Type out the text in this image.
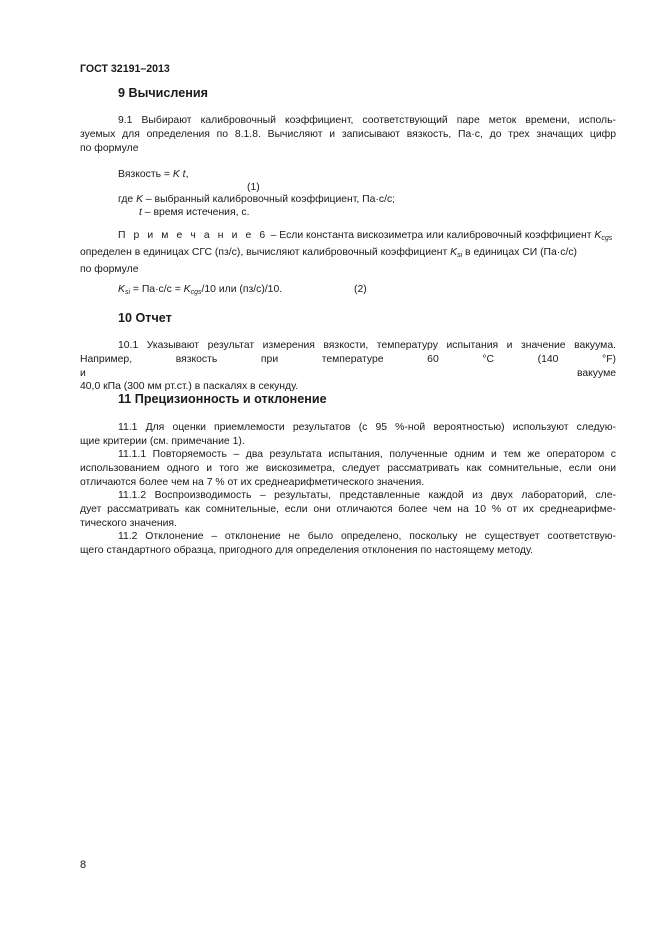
ГОСТ 32191–2013
9 Вычисления
9.1 Выбирают калибровочный коэффициент, соответствующий паре меток времени, исполь-
зуемых для определения по 8.1.8. Вычисляют и записывают вязкость, Па·с, до трех значащих цифр
по формуле
Вязкость = K t,
(1)
где K – выбранный калибровочный коэффициент, Па·с/с;
t – время истечения, с.
П р и м е ч а н и е 6 – Если константа вискозиметра или калибровочный коэффициент $K_{cgs}$
определен в единицах СГС (пз/с), вычисляют калибровочный коэффициент $K_{si}$ в единицах СИ (Па·с/с)
по формуле
$K_{si} = Па\cdot с/с = K_{cgs}/10$ или (пз/с)/10.	(2)
10 Отчет
10.1 Указывают результат измерения вязкости, температуру испытания и значение вакуума.
Например, вязкость при температуре 60 °С (140 °F) и вакууме
40,0 кПа (300 мм рт.ст.) в паскалях в секунду.
11 Прецизионность и отклонение
11.1 Для оценки приемлемости результатов (с 95 %-ной вероятностью) используют следую-
щие критерии (см. примечание 1).
11.1.1 Повторяемость – два результата испытания, полученные одним и тем же оператором с
использованием одного и того же вискозиметра, следует рассматривать как сомнительные, если они
отличаются более чем на 7 % от их среднеарифметического значения.
11.1.2 Воспроизводимость – результаты, представленные каждой из двух лабораторий, сле-
дует рассматривать как сомнительные, если они отличаются более чем на 10 % от их среднеарифме-
тического значения.
11.2 Отклонение – отклонение не было определено, поскольку не существует соответствую-
щего стандартного образца, пригодного для определения отклонения по настоящему методу.
8
